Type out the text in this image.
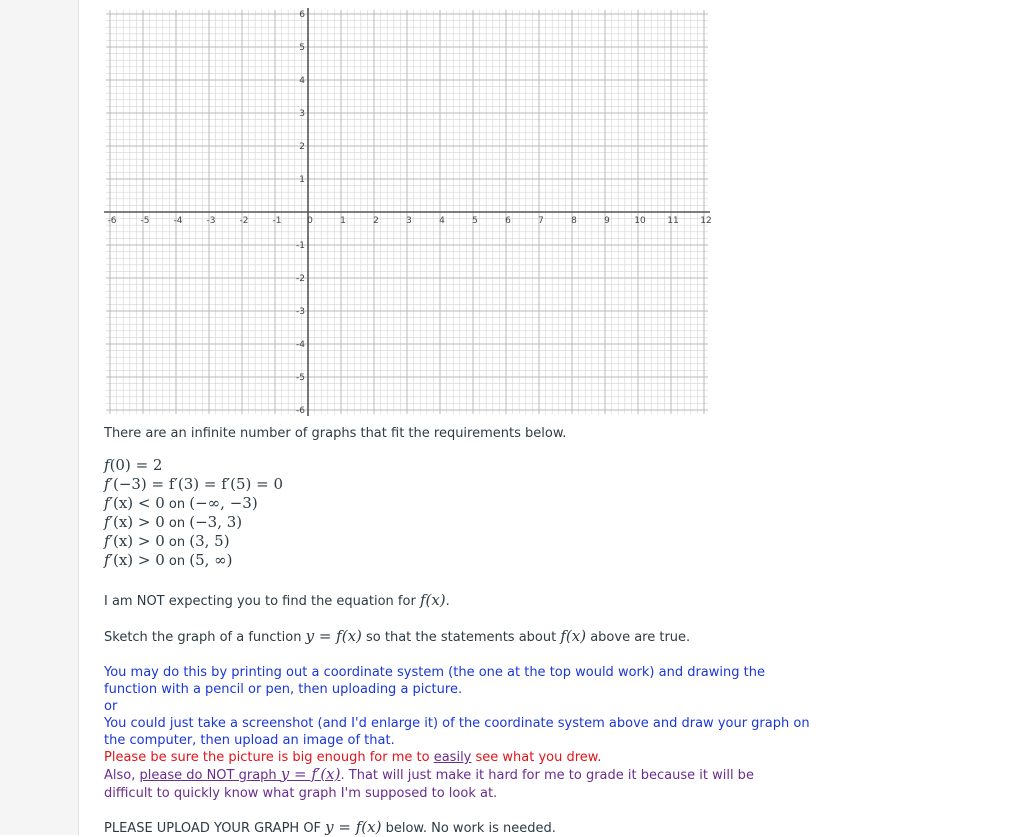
-6	-5	-4	-3	-2	-1	0	1	2	3	4	5	6	7	8	9	10 11 12
1
2
3
4
5
6
-1
-2
-3
-4
-5
-6
There are an infinite number of graphs that fit the requirements below.
f(0) = 2
f′(−3) = f′(3) = f′(5) = 0
f′(x) < 0 on (−∞, −3)
f′(x) > 0 on (−3, 3)
f′(x) > 0 on (3, 5)
f′(x) > 0 on (5, ∞)
I am NOT expecting you to find the equation for f(x).
Sketch the graph of a function y = f(x) so that the statements about f(x) above are true.
You may do this by printing out a coordinate system (the one at the top would work) and drawing the
function with a pencil or pen, then uploading a picture.
or
You could just take a screenshot (and I'd enlarge it) of the coordinate system above and draw your graph on
the computer, then upload an image of that.
Please be sure the picture is big enough for me to easily see what you drew.
Also, please do NOT graph y = f′(x). That will just make it hard for me to grade it because it will be
difficult to quickly know what graph I'm supposed to look at.
PLEASE UPLOAD YOUR GRAPH OF y = f(x) below. No work is needed.
